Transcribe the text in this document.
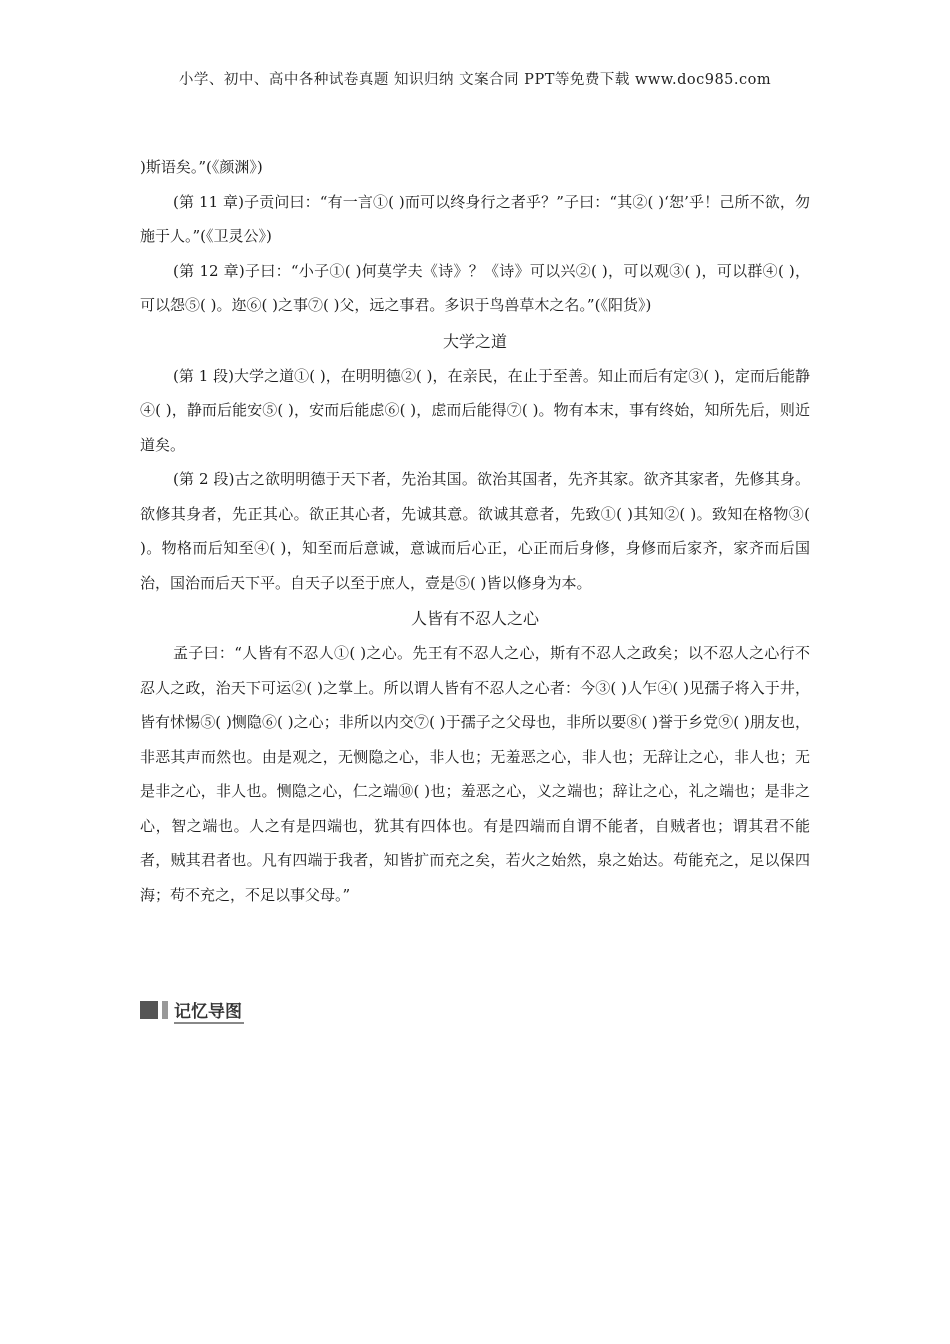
小学、初中、高中各种试卷真题 知识归纳 文案合同 PPT等免费下载 www.doc985.com

)斯语矣。”(《颜渊》)

(第 11 章)子贡问曰：“有一言①( )而可以终身行之者乎？”子曰：“其②( )‘恕’乎！己所不欲，勿施于人。”(《卫灵公》)

(第 12 章)子曰：“小子①( )何莫学夫《诗》？《诗》可以兴②( )，可以观③( )，可以群④( )，可以怨⑤( )。迩⑥( )之事⑦( )父，远之事君。多识于鸟兽草木之名。”(《阳货》)

大学之道

(第 1 段)大学之道①( )，在明明德②( )，在亲民，在止于至善。知止而后有定③( )，定而后能静④( )，静而后能安⑤( )，安而后能虑⑥( )，虑而后能得⑦( )。物有本末，事有终始，知所先后，则近道矣。

(第 2 段)古之欲明明德于天下者，先治其国。欲治其国者，先齐其家。欲齐其家者，先修其身。欲修其身者，先正其心。欲正其心者，先诚其意。欲诚其意者，先致①( )其知②( )。致知在格物③( )。物格而后知至④( )，知至而后意诚，意诚而后心正，心正而后身修，身修而后家齐，家齐而后国治，国治而后天下平。自天子以至于庶人，壹是⑤( )皆以修身为本。

人皆有不忍人之心

孟子曰：“人皆有不忍人①( )之心。先王有不忍人之心，斯有不忍人之政矣；以不忍人之心行不忍人之政，治天下可运②( )之掌上。所以谓人皆有不忍人之心者：今③( )人乍④( )见孺子将入于井，皆有怵惕⑤( )恻隐⑥( )之心；非所以内交⑦( )于孺子之父母也，非所以要⑧( )誉于乡党⑨( )朋友也，非恶其声而然也。由是观之，无恻隐之心，非人也；无羞恶之心，非人也；无辞让之心，非人也；无是非之心，非人也。恻隐之心，仁之端⑩( )也；羞恶之心，义之端也；辞让之心，礼之端也；是非之心，智之端也。人之有是四端也，犹其有四体也。有是四端而自谓不能者，自贼者也；谓其君不能者，贼其君者也。凡有四端于我者，知皆扩而充之矣，若火之始然，泉之始达。苟能充之，足以保四海；苟不充之，不足以事父母。”

记忆导图
